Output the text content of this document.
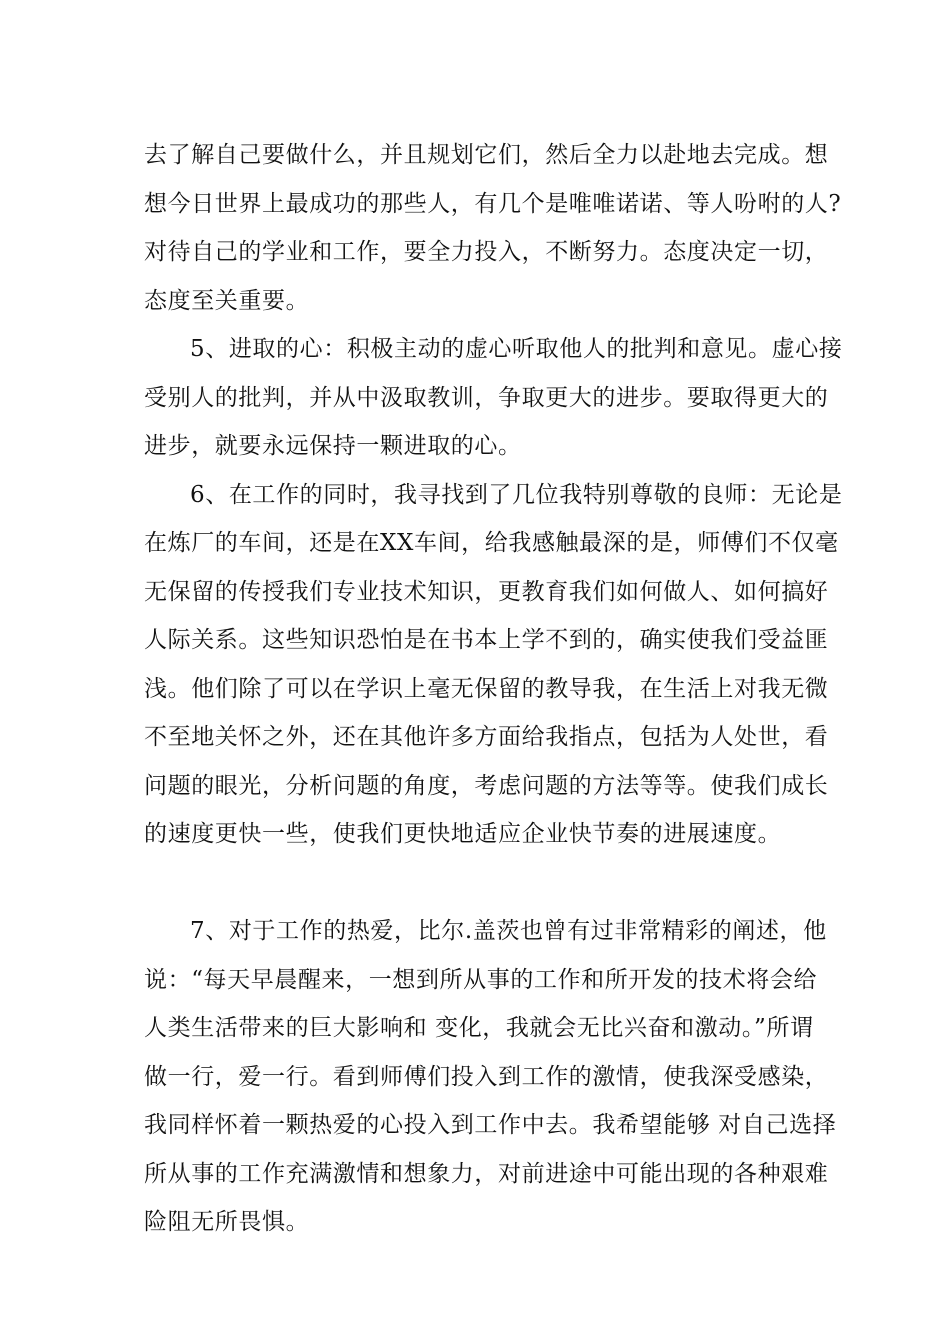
去了解自己要做什么，并且规划它们，然后全力以赴地去完成。想
想今日世界上最成功的那些人，有几个是唯唯诺诺、等人吩咐的人?
对待自己的学业和工作，要全力投入，不断努力。态度决定一切，
态度至关重要。
5、进取的心：积极主动的虚心听取他人的批判和意见。虚心接
受别人的批判，并从中汲取教训，争取更大的进步。要取得更大的
进步，就要永远保持一颗进取的心。
6、在工作的同时，我寻找到了几位我特别尊敬的良师：无论是
在炼厂的车间，还是在XX车间，给我感触最深的是，师傅们不仅毫
无保留的传授我们专业技术知识，更教育我们如何做人、如何搞好
人际关系。这些知识恐怕是在书本上学不到的，确实使我们受益匪
浅。他们除了可以在学识上毫无保留的教导我，在生活上对我无微
不至地关怀之外，还在其他许多方面给我指点，包括为人处世，看
问题的眼光，分析问题的角度，考虑问题的方法等等。使我们成长
的速度更快一些，使我们更快地适应企业快节奏的进展速度。
7、对于工作的热爱，比尔.盖茨也曾有过非常精彩的阐述，他
说：“每天早晨醒来，一想到所从事的工作和所开发的技术将会给
人类生活带来的巨大影响和 变化，我就会无比兴奋和激动。”所谓
做一行，爱一行。看到师傅们投入到工作的激情，使我深受感染，
我同样怀着一颗热爱的心投入到工作中去。我希望能够 对自己选择
所从事的工作充满激情和想象力，对前进途中可能出现的各种艰难
险阻无所畏惧。
